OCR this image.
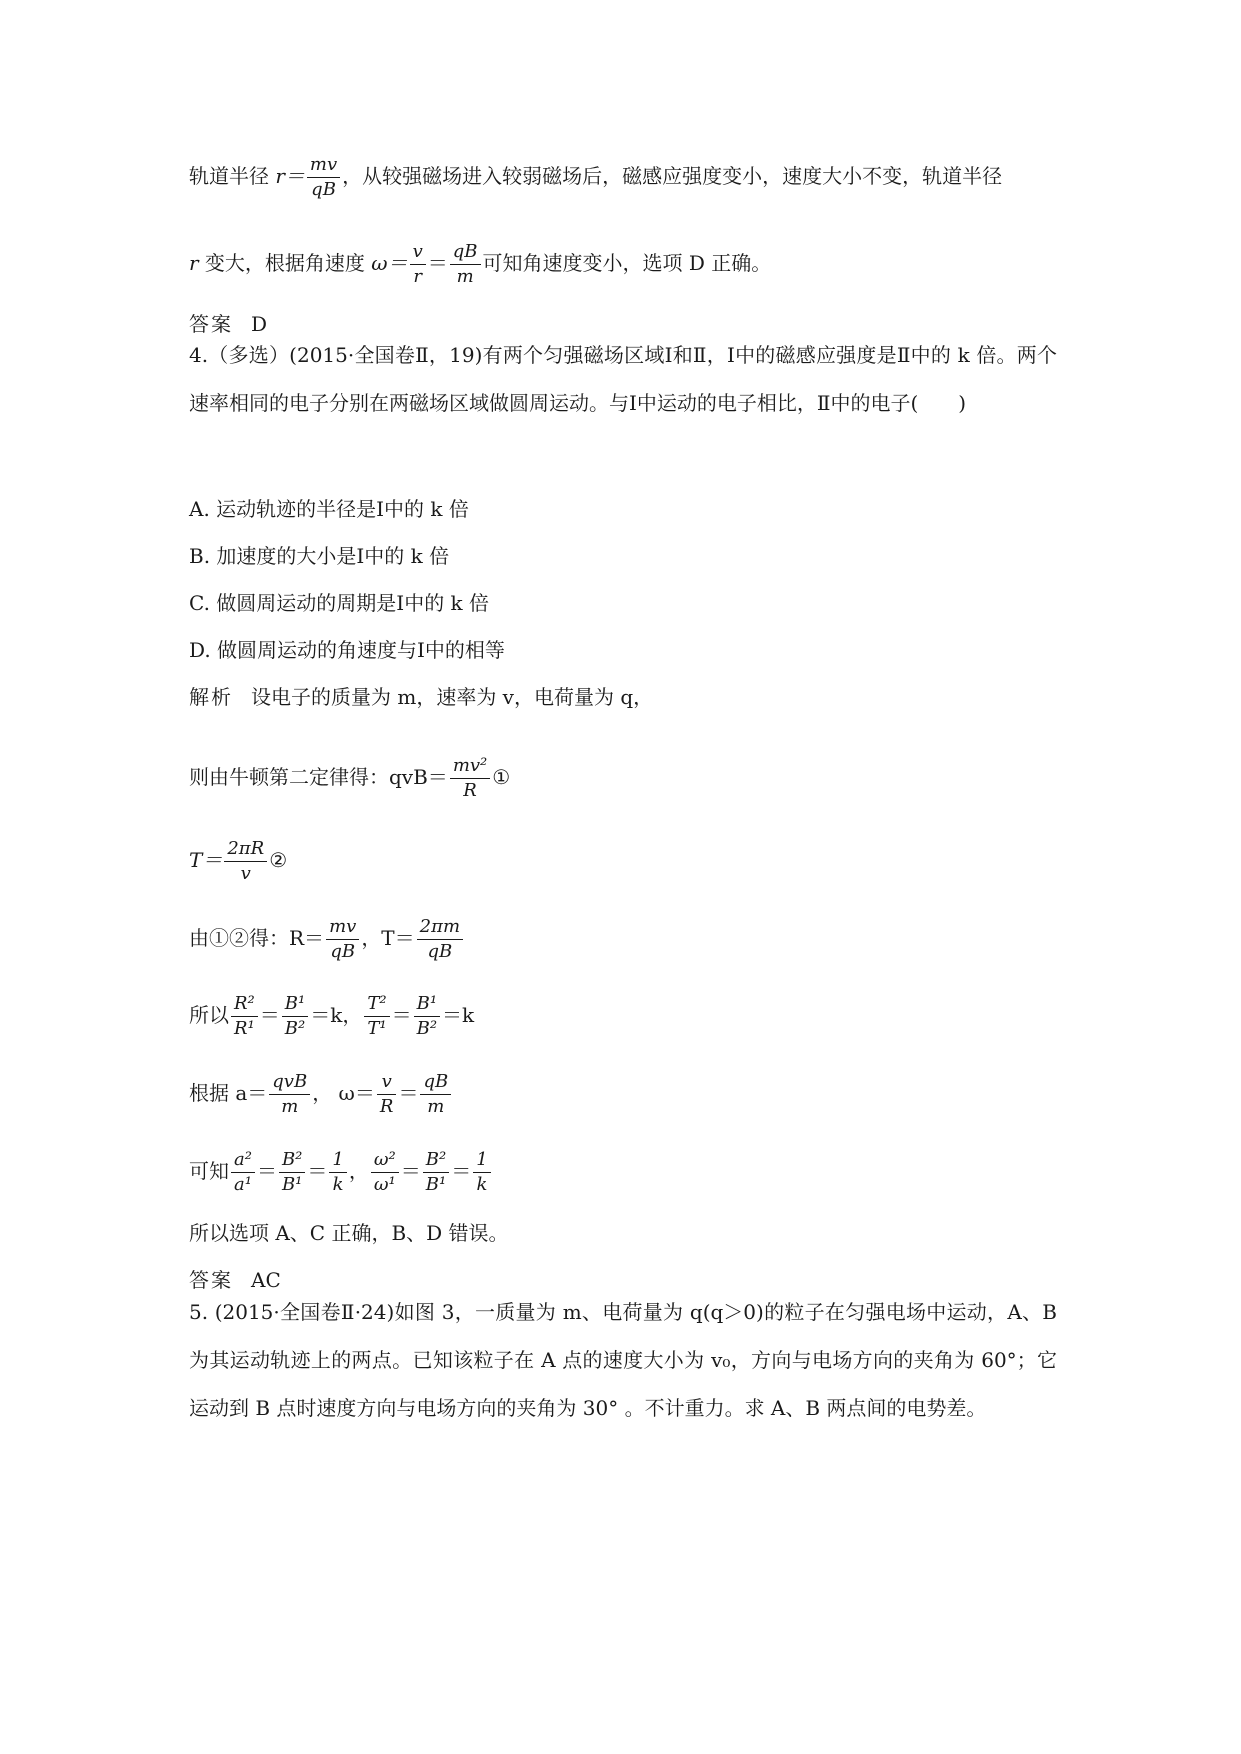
轨道半径 $r= \frac{mv}{qB}$ ，从较强磁场进入较弱磁场后，磁感应强度变小，速度大小不变，轨道半径
r 变大，根据角速度 $\omega= \frac{v}{r} = \frac{qB}{m}$ 可知角速度变小，选项 D 正确。
答案 D
4.（多选）(2015·全国卷Ⅱ，19)有两个匀强磁场区域Ⅰ和Ⅱ，Ⅰ中的磁感应强度是Ⅱ中的 k 倍。两个速率相同的电子分别在两磁场区域做圆周运动。与Ⅰ中运动的电子相比，Ⅱ中的电子(　　)
A. 运动轨迹的半径是Ⅰ中的 k 倍
B. 加速度的大小是Ⅰ中的 k 倍
C. 做圆周运动的周期是Ⅰ中的 k 倍
D. 做圆周运动的角速度与Ⅰ中的相等
解析 设电子的质量为 m，速率为 v，电荷量为 q，
则由牛顿第二定律得：$qvB= \frac{\text{mv²}}{R}$ ①
$T= \frac{2\pi R}{v}$ ②
由①②得：$R= \frac{mv}{qB}$ ，$T= \frac{2\pi m}{qB}$
所以 $\frac{\text{R²}}{\text{R¹}} = \frac{\text{B¹}}{\text{B²}} =k$， $\frac{\text{T²}}{\text{T¹}} = \frac{\text{B¹}}{\text{B²}} =k$
根据 $a= \frac{\text{qvB}}{m}$ ， $\omega= \frac{v}{R} = \frac{qB}{m}$
可知 $\frac{\text{a²}}{\text{a¹}} = \frac{\text{B²}}{\text{B¹}} = \frac{1}{k}$ ， $\frac{\text{ω²}}{\text{ω¹}} = \frac{\text{B²}}{\text{B¹}} = \frac{1}{k}$
所以选项 A、C 正确，B、D 错误。
答案 AC
5. (2015·全国卷Ⅱ·24)如图 3，一质量为 m、电荷量为 q(q＞0)的粒子在匀强电场中运动，A、B 为其运动轨迹上的两点。已知该粒子在 A 点的速度大小为 v₀，方向与电场方向的夹角为 60°；它运动到 B 点时速度方向与电场方向的夹角为 30° 。不计重力。求 A、B 两点间的电势差。
